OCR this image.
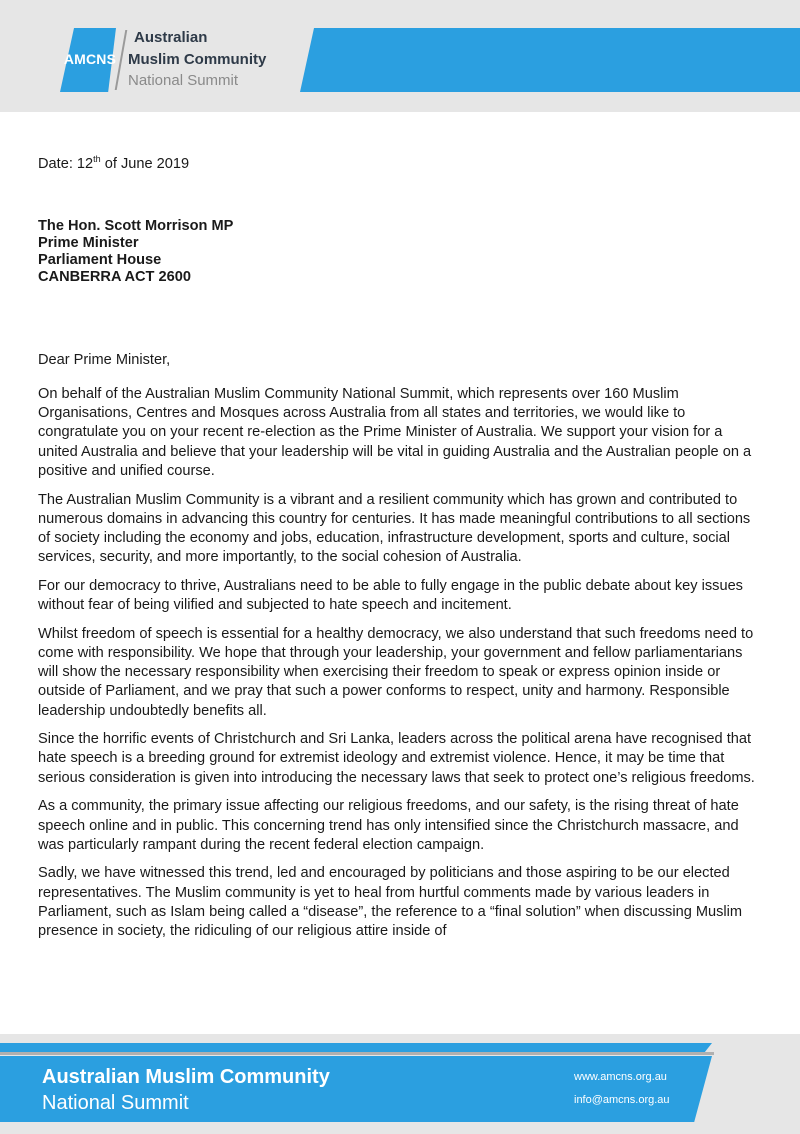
AMCNS
Australian
Muslim Community
National Summit
Date: 12th of June 2019
The Hon. Scott Morrison MP
Prime Minister
Parliament House
CANBERRA ACT 2600
Dear Prime Minister,

On behalf of the Australian Muslim Community National Summit, which represents over 160 Muslim Organisations, Centres and Mosques across Australia from all states and territories, we would like to congratulate you on your recent re-election as the Prime Minister of Australia. We support your vision for a united Australia and believe that your leadership will be vital in guiding Australia and the Australian people on a positive and unified course.

The Australian Muslim Community is a vibrant and a resilient community which has grown and contributed to numerous domains in advancing this country for centuries. It has made meaningful contributions to all sections of society including the economy and jobs, education, infrastructure development, sports and culture, social services, security, and more importantly, to the social cohesion of Australia.

For our democracy to thrive, Australians need to be able to fully engage in the public debate about key issues without fear of being vilified and subjected to hate speech and incitement.

Whilst freedom of speech is essential for a healthy democracy, we also understand that such freedoms need to come with responsibility. We hope that through your leadership, your government and fellow parliamentarians will show the necessary responsibility when exercising their freedom to speak or express opinion inside or outside of Parliament, and we pray that such a power conforms to respect, unity and harmony. Responsible leadership undoubtedly benefits all.

Since the horrific events of Christchurch and Sri Lanka, leaders across the political arena have recognised that hate speech is a breeding ground for extremist ideology and extremist violence. Hence, it may be time that serious consideration is given into introducing the necessary laws that seek to protect one’s religious freedoms.

As a community, the primary issue affecting our religious freedoms, and our safety, is the rising threat of hate speech online and in public. This concerning trend has only intensified since the Christchurch massacre, and was particularly rampant during the recent federal election campaign.

Sadly, we have witnessed this trend, led and encouraged by politicians and those aspiring to be our elected representatives. The Muslim community is yet to heal from hurtful comments made by various leaders in Parliament, such as Islam being called a “disease”, the reference to a “final solution” when discussing Muslim presence in society, the ridiculing of our religious attire inside of

Australian Muslim Community
National Summit
www.amcns.org.au
info@amcns.org.au
